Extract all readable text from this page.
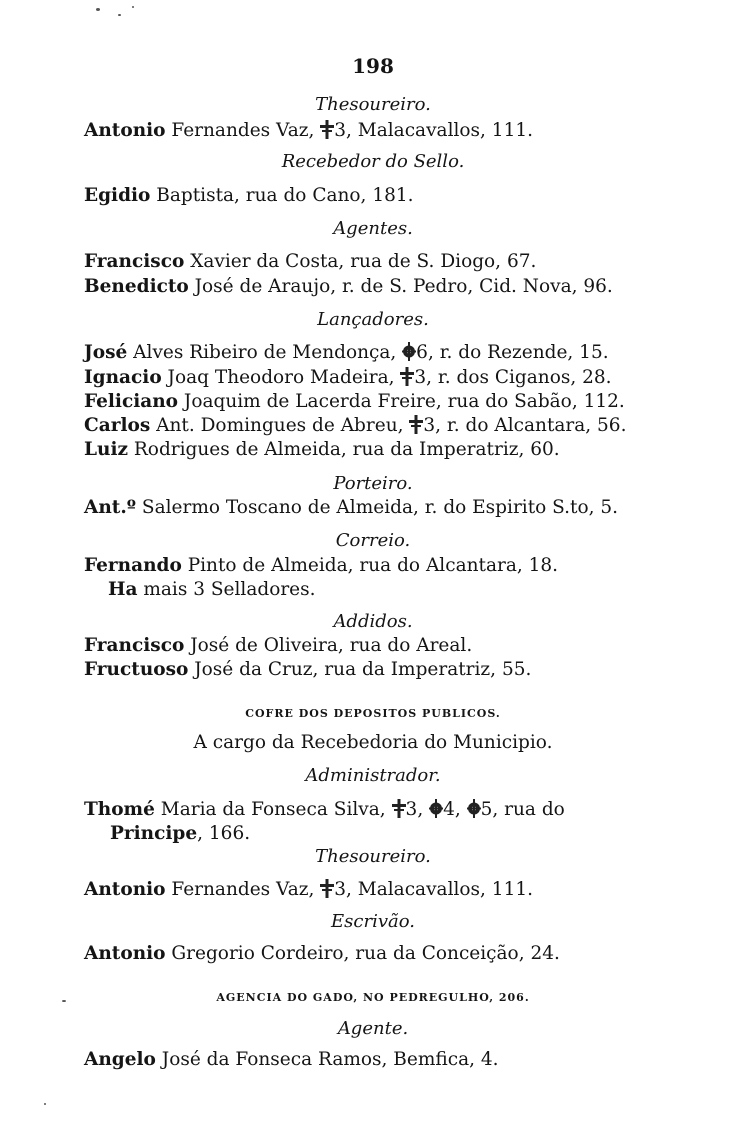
198
Thesoureiro.
Antonio Fernandes Vaz, 3, Malacavallos, 111.
Recebedor do Sello.
Egidio Baptista, rua do Cano, 181.
Agentes.
Francisco Xavier da Costa, rua de S. Diogo, 67.
Benedicto José de Araujo, r. de S. Pedro, Cid. Nova, 96.
Lançadores.
José Alves Ribeiro de Mendonça, 6, r. do Rezende, 15.
Ignacio Joaq Theodoro Madeira, 3, r. dos Ciganos, 28.
Feliciano Joaquim de Lacerda Freire, rua do Sabão, 112.
Carlos Ant. Domingues de Abreu, 3, r. do Alcantara, 56.
Luiz Rodrigues de Almeida, rua da Imperatriz, 60.
Porteiro.
Ant.º Salermo Toscano de Almeida, r. do Espirito S.to, 5.
Correio.
Fernando Pinto de Almeida, rua do Alcantara, 18.
Ha mais 3 Selladores.
Addidos.
Francisco José de Oliveira, rua do Areal.
Fructuoso José da Cruz, rua da Imperatriz, 55.
COFRE DOS DEPOSITOS PUBLICOS.
A cargo da Recebedoria do Municipio.
Administrador.
Thomé Maria da Fonseca Silva, 3, 4, 5, rua do
Principe, 166.
Thesoureiro.
Antonio Fernandes Vaz, 3, Malacavallos, 111.
Escrivão.
Antonio Gregorio Cordeiro, rua da Conceição, 24.
AGENCIA DO GADO, NO PEDREGULHO, 206.
Agente.
Angelo José da Fonseca Ramos, Bemfica, 4.
